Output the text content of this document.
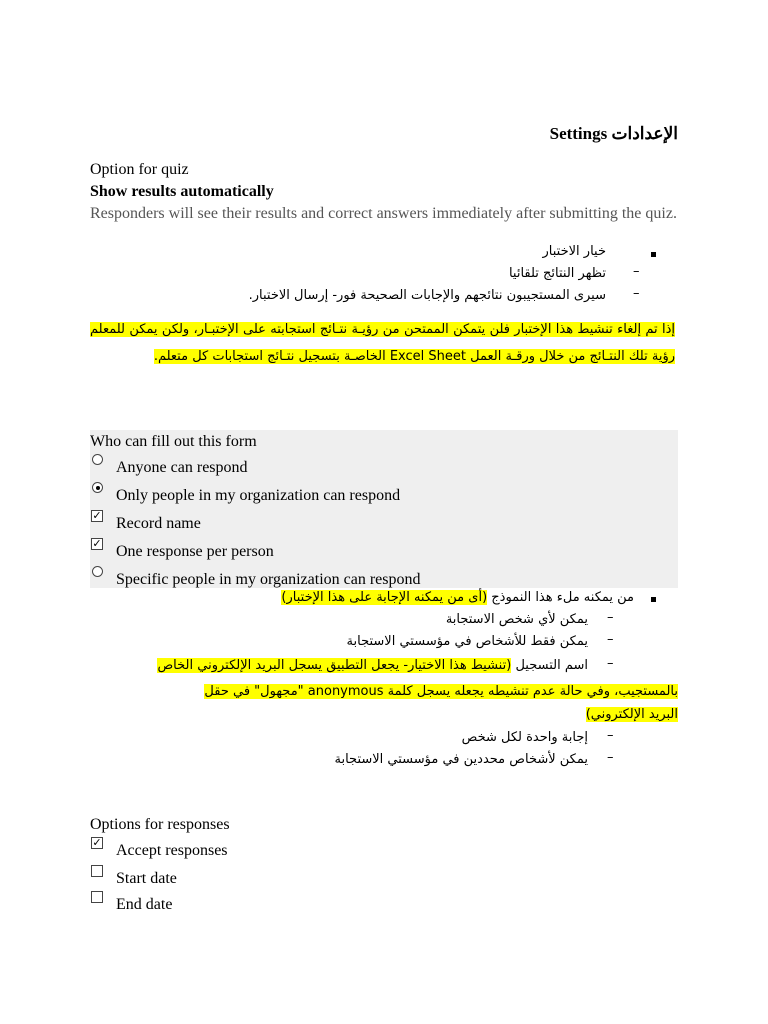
الإعدادات Settings
Option for quiz
Show results automatically
Responders will see their results and correct answers immediately after submitting the quiz.
خيار الاختبار
–
تظهر النتائج تلقائيا
–
سيرى المستجيبون نتائجهم والإجابات الصحيحة فور- إرسال الاختبار.
إذا تم إلغاء تنشيط هذا الإختبار فلن يتمكن الممتحن من رؤيـة نتـائج استجابته على الإختبـار، ولكن يمكن للمعلم رؤية تلك النتـائج من خلال ورقـة العمل Excel Sheet الخاصـة بتسجيل نتـائج استجابات كل متعلم.
Who can fill out this form
Anyone can respond
Only people in my organization can respond
✓ Record name
✓ One response per person
Specific people in my organization can respond
من يمكنه ملء هذا النموذج (أى من يمكنه الإجابة على هذا الإختبار)
–
يمكن لأي شخص الاستجابة
–
يمكن فقط للأشخاص في مؤسستي الاستجابة
–
اسم التسجيل (تنشيط هذا الاختيار- يجعل التطبيق يسجل البريد الإلكتروني الخاص
بالمستجيب، وفي حالة عدم تنشيطه يجعله يسجل كلمة anonymous "مجهول" في حقل
البريد الإلكتروني)
–
إجابة واحدة لكل شخص
–
يمكن لأشخاص محددين في مؤسستي الاستجابة
Options for responses
✓ Accept responses
Start date
End date
